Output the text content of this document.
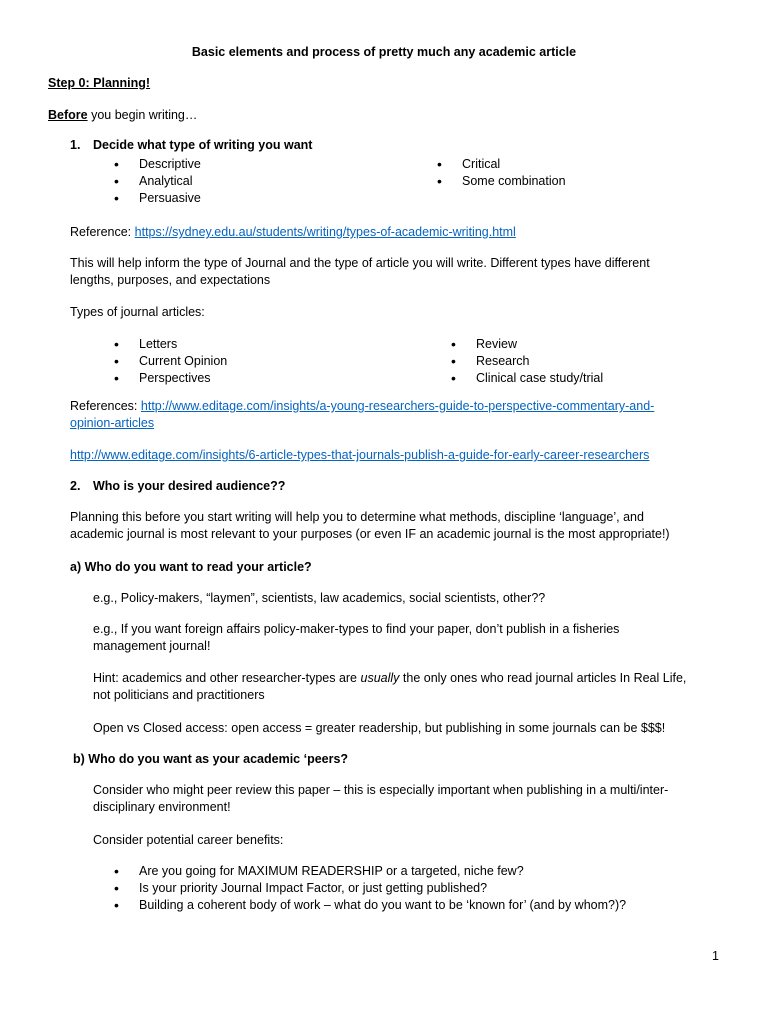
Basic elements and process of pretty much any academic article

Step 0: Planning!

Before you begin writing…

1. Decide what type of writing you want
• Descriptive
• Analytical
• Persuasive
• Critical
• Some combination

Reference: https://sydney.edu.au/students/writing/types-of-academic-writing.html

This will help inform the type of Journal and the type of article you will write. Different types have different
lengths, purposes, and expectations

Types of journal articles:

• Letters
• Current Opinion
• Perspectives
• Review
• Research
• Clinical case study/trial

References: http://www.editage.com/insights/a-young-researchers-guide-to-perspective-commentary-and-
opinion-articles

http://www.editage.com/insights/6-article-types-that-journals-publish-a-guide-for-early-career-researchers

2. Who is your desired audience??

Planning this before you start writing will help you to determine what methods, discipline ‘language’, and
academic journal is most relevant to your purposes (or even IF an academic journal is the most appropriate!)

a) Who do you want to read your article?

e.g., Policy-makers, “laymen”, scientists, law academics, social scientists, other??

e.g., If you want foreign affairs policy-maker-types to find your paper, don’t publish in a fisheries
management journal!

Hint: academics and other researcher-types are usually the only ones who read journal articles In Real Life,
not politicians and practitioners

Open vs Closed access: open access = greater readership, but publishing in some journals can be $$$!

b) Who do you want as your academic ‘peers?

Consider who might peer review this paper – this is especially important when publishing in a multi/inter-
disciplinary environment!

Consider potential career benefits:

• Are you going for MAXIMUM READERSHIP or a targeted, niche few?
• Is your priority Journal Impact Factor, or just getting published?
• Building a coherent body of work – what do you want to be ‘known for’ (and by whom?)?
1
